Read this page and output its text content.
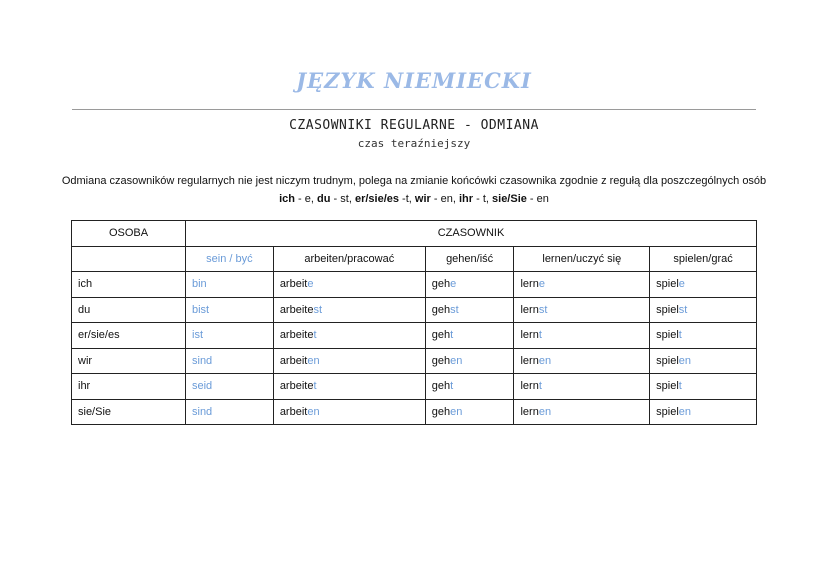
JĘZYK NIEMIECKI
CZASOWNIKI REGULARNE - ODMIANA
czas teraźniejszy
Odmiana czasowników regularnych nie jest niczym trudnym, polega na zmianie końcówki czasownika zgodnie z regułą dla poszczególnych osób
ich - e, du - st, er/sie/es -t, wir - en, ihr - t, sie/Sie - en
OSOBA	CZASOWNIK				
	sein / być	arbeiten/pracować	gehen/iść	lernen/uczyć się	spielen/grać
ich	bin	arbeite	gehe	lerne	spiele
du	bist	arbeitest	gehst	lernst	spielst
er/sie/es	ist	arbeitet	geht	lernt	spielt
wir	sind	arbeiten	gehen	lernen	spielen
ihr	seid	arbeitet	geht	lernt	spielt
sie/Sie	sind	arbeiten	gehen	lernen	spielen
